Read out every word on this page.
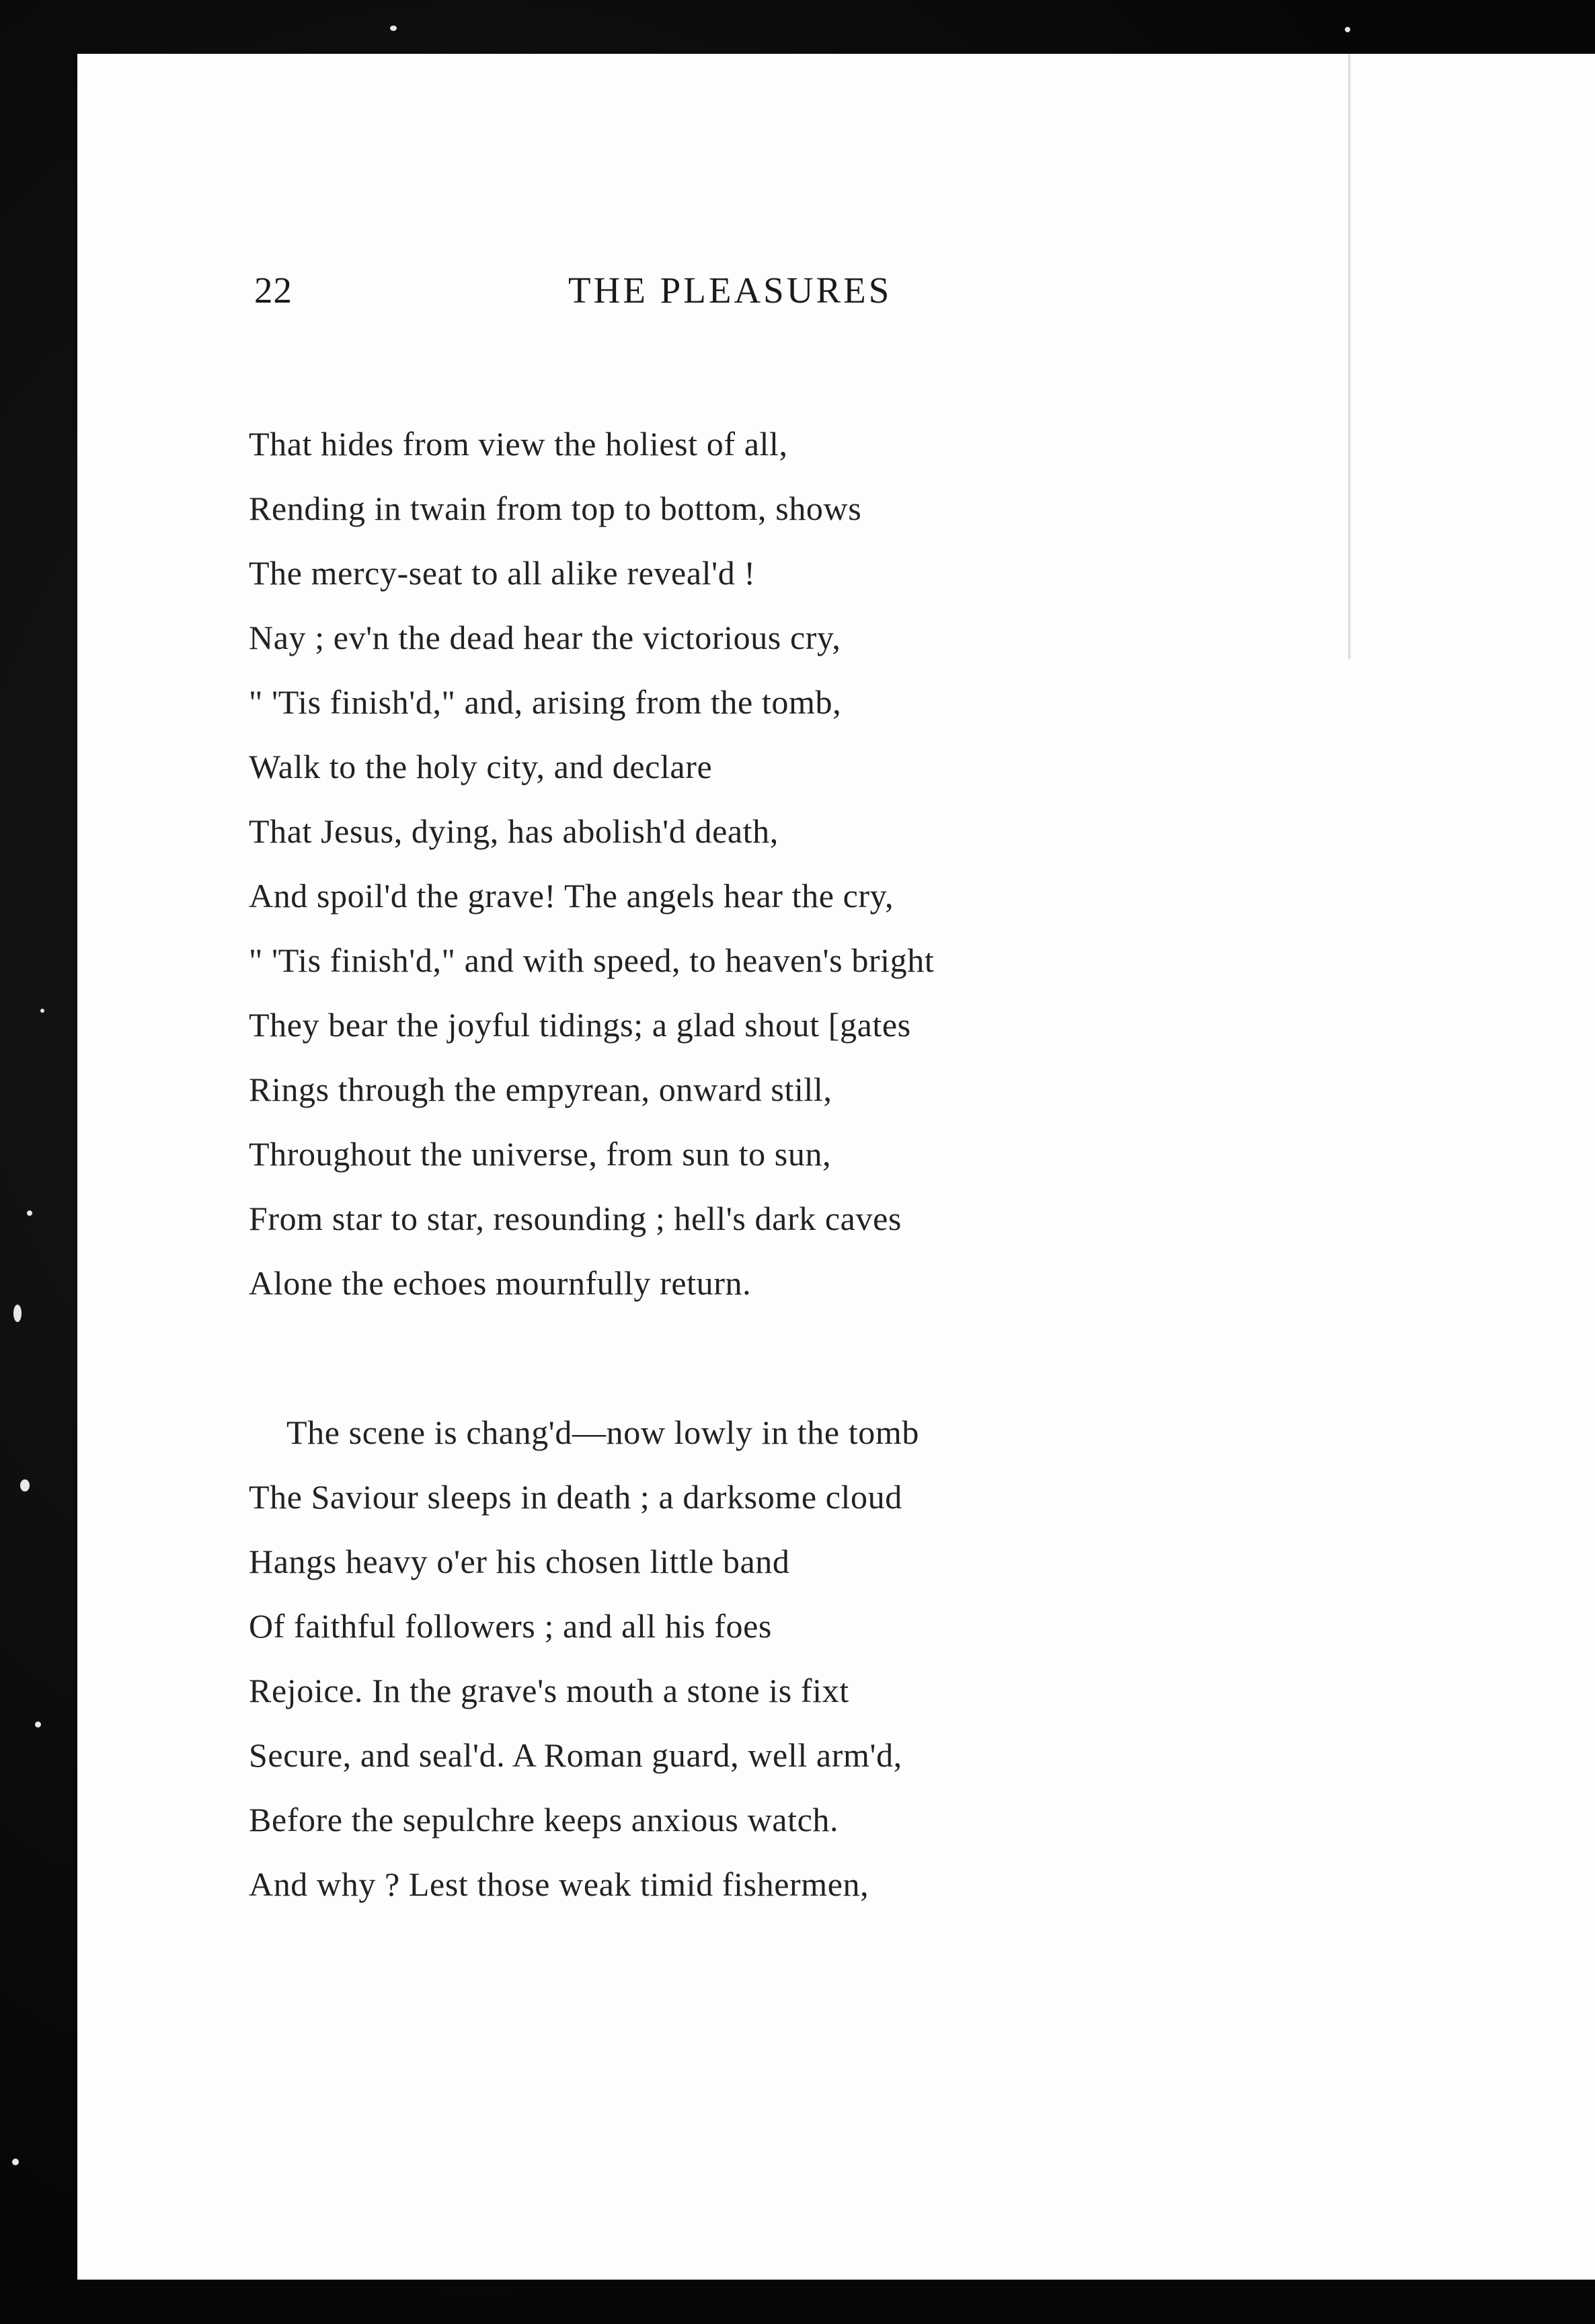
22	THE PLEASURES
That hides from view the holiest of all,
Rending in twain from top to bottom, shows
The mercy-seat to all alike reveal'd !
Nay ; ev'n the dead hear the victorious cry,
" 'Tis finish'd," and, arising from the tomb,
Walk to the holy city, and declare
That Jesus, dying, has abolish'd death,
And spoil'd the grave! The angels hear the cry,
" 'Tis finish'd," and with speed, to heaven's bright
They bear the joyful tidings; a glad shout [gates
Rings through the empyrean, onward still,
Throughout the universe, from sun to sun,
From star to star, resounding ; hell's dark caves
Alone the echoes mournfully return.
The scene is chang'd—now lowly in the tomb
The Saviour sleeps in death ; a darksome cloud
Hangs heavy o'er his chosen little band
Of faithful followers ; and all his foes
Rejoice. In the grave's mouth a stone is fixt
Secure, and seal'd. A Roman guard, well arm'd,
Before the sepulchre keeps anxious watch.
And why ? Lest those weak timid fishermen,
